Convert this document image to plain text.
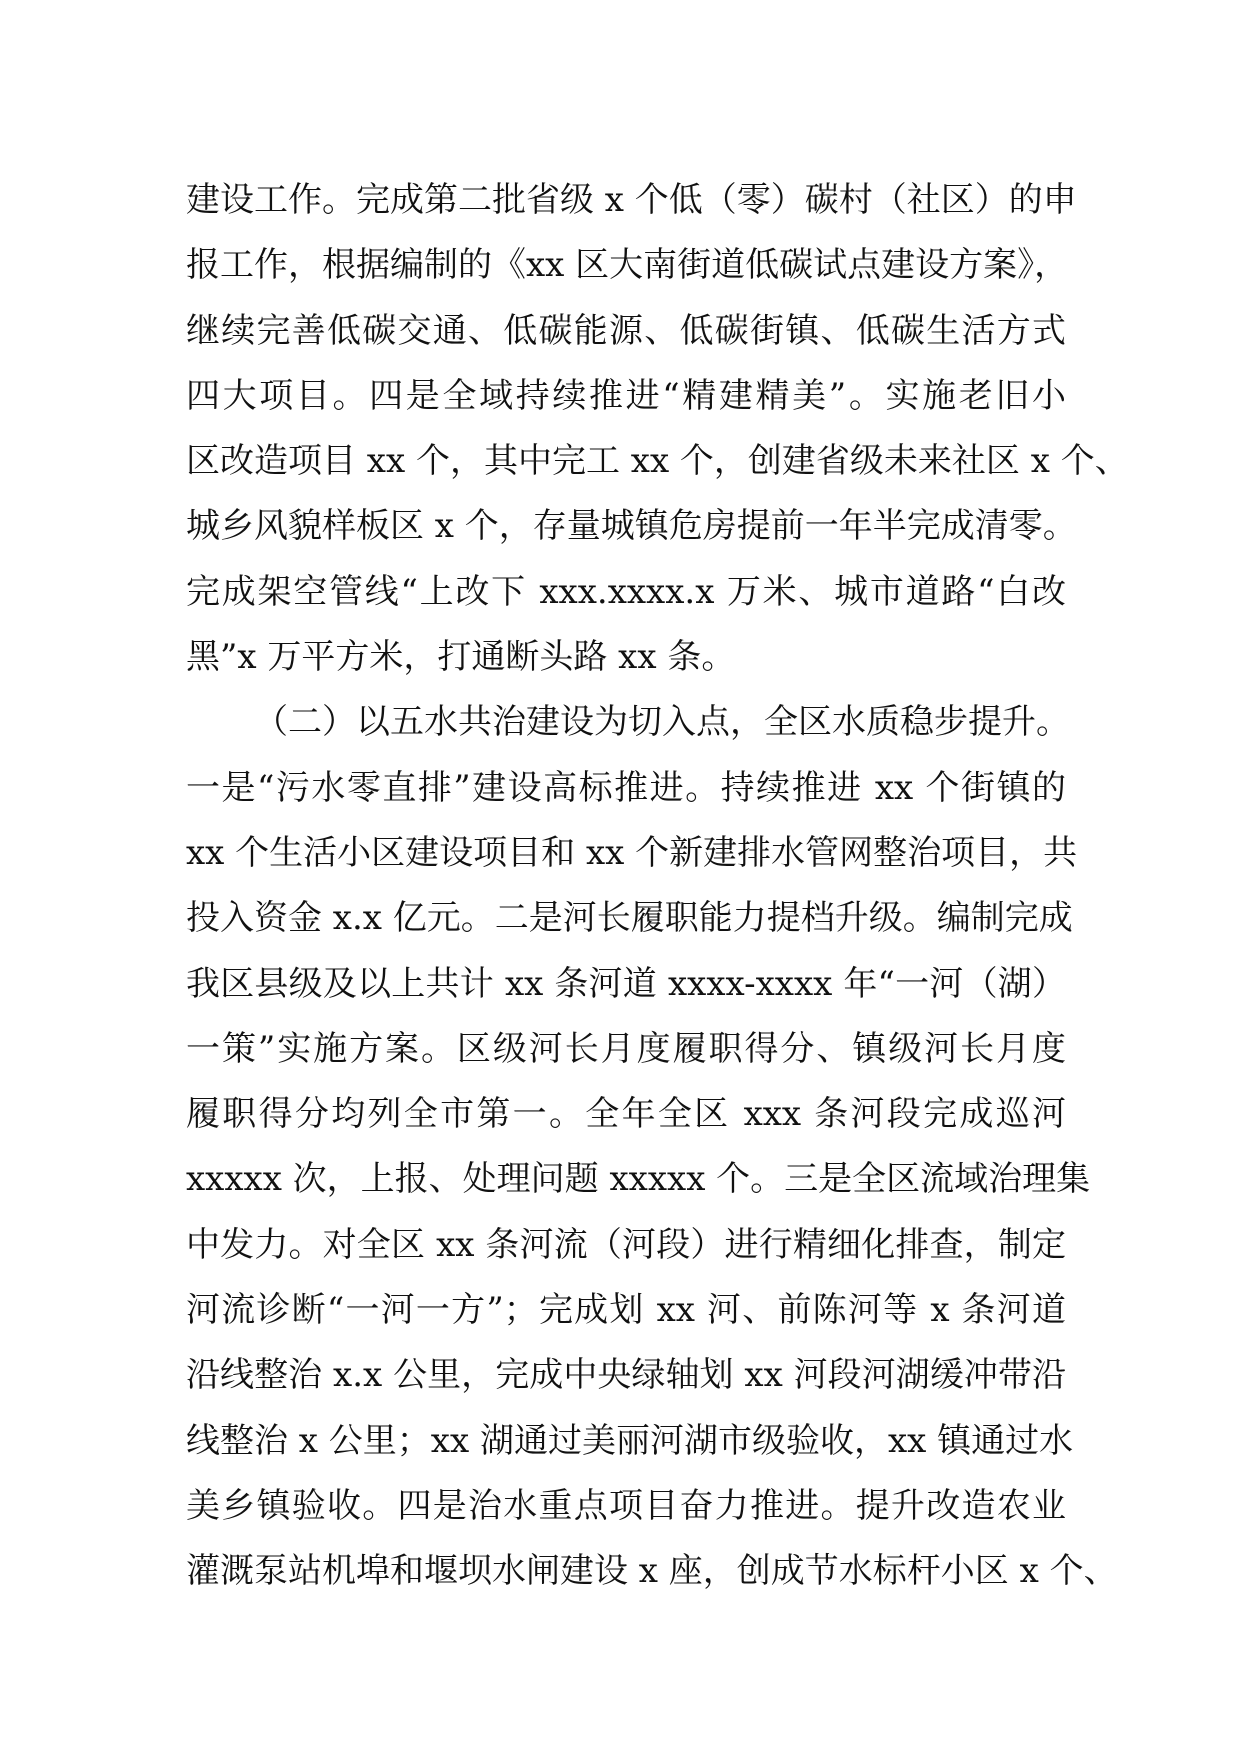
建设工作。完成第二批省级 x 个低（零）碳村（社区）的申
报工作，根据编制的《xx 区大南街道低碳试点建设方案》，
继续完善低碳交通、低碳能源、低碳街镇、低碳生活方式
四大项目。四是全域持续推进“精建精美”。实施老旧小
区改造项目 xx 个，其中完工 xx 个，创建省级未来社区 x 个、
城乡风貌样板区 x 个，存量城镇危房提前一年半完成清零。
完成架空管线“上改下 xxx.xxxx.x 万米、城市道路“白改
黑”x 万平方米，打通断头路 xx 条。
（二）以五水共治建设为切入点，全区水质稳步提升。
一是“污水零直排”建设高标推进。持续推进 xx 个街镇的
xx 个生活小区建设项目和 xx 个新建排水管网整治项目，共
投入资金 x.x 亿元。二是河长履职能力提档升级。编制完成
我区县级及以上共计 xx 条河道 xxxx-xxxx 年“一河（湖）
一策”实施方案。区级河长月度履职得分、镇级河长月度
履职得分均列全市第一。全年全区 xxx 条河段完成巡河
xxxxx 次，上报、处理问题 xxxxx 个。三是全区流域治理集
中发力。对全区 xx 条河流（河段）进行精细化排查，制定
河流诊断“一河一方”；完成划 xx 河、前陈河等 x 条河道
沿线整治 x.x 公里，完成中央绿轴划 xx 河段河湖缓冲带沿
线整治 x 公里；xx 湖通过美丽河湖市级验收，xx 镇通过水
美乡镇验收。四是治水重点项目奋力推进。提升改造农业
灌溉泵站机埠和堰坝水闸建设 x 座，创成节水标杆小区 x 个、
